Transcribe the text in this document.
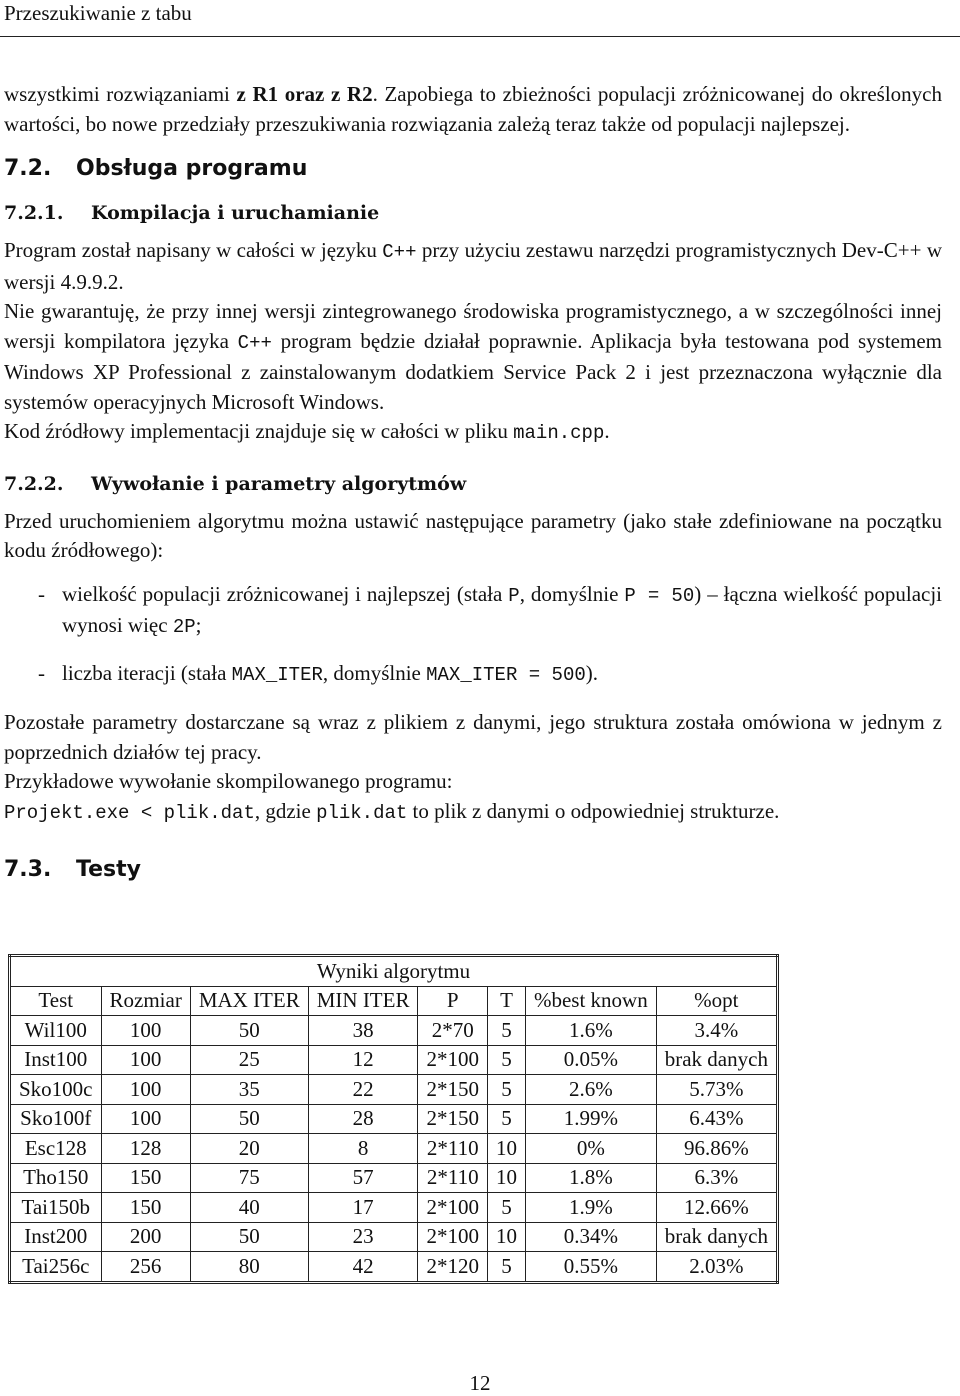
Przeszukiwanie z tabu

wszystkimi rozwiązaniami z R1 oraz z R2. Zapobiega to zbieżności populacji zróżnicowanej do określonych wartości, bo nowe przedziały przeszukiwania rozwiązania zależą teraz także od populacji najlepszej.

7.2. Obsługa programu
7.2.1. Kompilacja i uruchamianie

Program został napisany w całości w języku C++ przy użyciu zestawu narzędzi programistycznych Dev-C++ w wersji 4.9.9.2.

Nie gwarantuję, że przy innej wersji zintegrowanego środowiska programistycznego, a w szczególności innej wersji kompilatora języka C++ program będzie działał poprawnie. Aplikacja była testowana pod systemem Windows XP Professional z zainstalowanym dodatkiem Service Pack 2 i jest przeznaczona wyłącznie dla systemów operacyjnych Microsoft Windows.

Kod źródłowy implementacji znajduje się w całości w pliku main.cpp.

7.2.2. Wywołanie i parametry algorytmów

Przed uruchomieniem algorytmu można ustawić następujące parametry (jako stałe zdefiniowane na początku kodu źródłowego):

- wielkość populacji zróżnicowanej i najlepszej (stała P, domyślnie P = 50) – łączna wielkość populacji wynosi więc 2P;
- liczba iteracji (stała MAX_ITER, domyślnie MAX_ITER = 500).

Pozostałe parametry dostarczane są wraz z plikiem z danymi, jego struktura została omówiona w jednym z poprzednich działów tej pracy.

Przykładowe wywołanie skompilowanego programu:

Projekt.exe < plik.dat, gdzie plik.dat to plik z danymi o odpowiedniej strukturze.

7.3. Testy
Wyniki algorytmu							
Test	Rozmiar	MAX ITER	MIN ITER	P	T	%best known	%opt
Wil100	100	50	38	2*70	5	1.6%	3.4%
Inst100	100	25	12	2*100	5	0.05%	brak danych
Sko100c	100	35	22	2*150	5	2.6%	5.73%
Sko100f	100	50	28	2*150	5	1.99%	6.43%
Esc128	128	20	8	2*110	10	0%	96.86%
Tho150	150	75	57	2*110	10	1.8%	6.3%
Tai150b	150	40	17	2*100	5	1.9%	12.66%
Inst200	200	50	23	2*100	10	0.34%	brak danych
Tai256c	256	80	42	2*120	5	0.55%	2.03%
12
